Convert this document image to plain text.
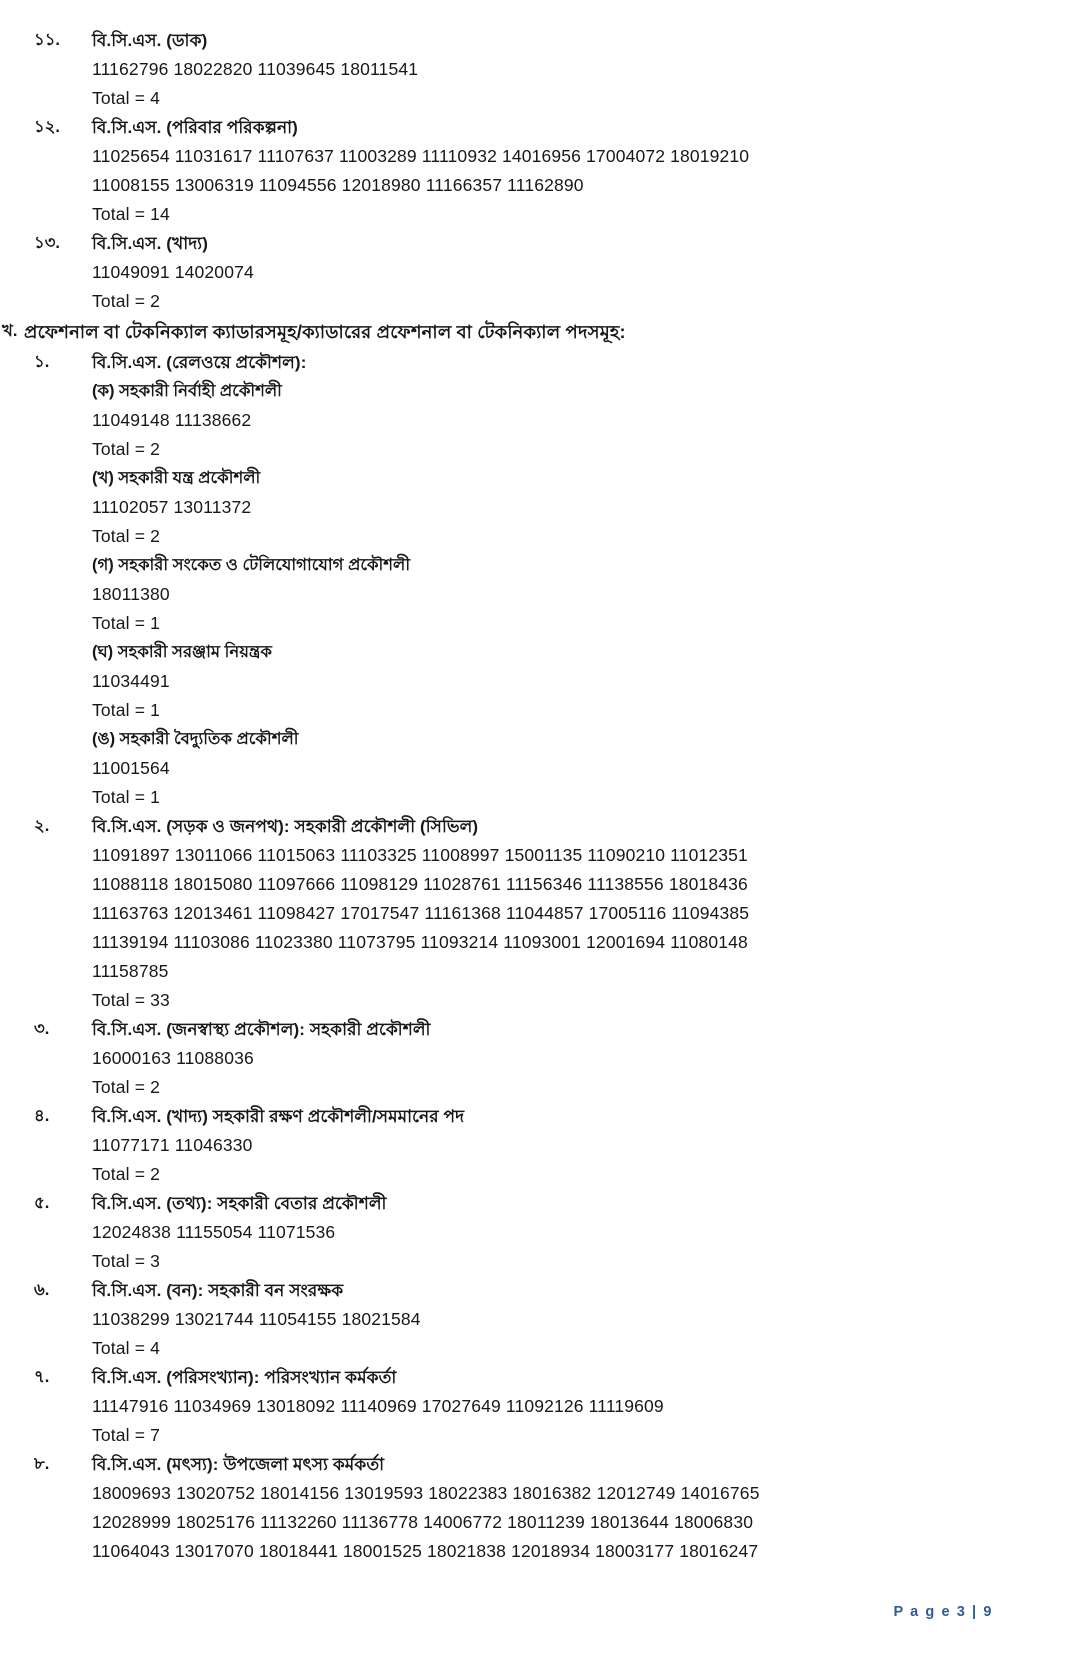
১১.	বি.সি.এস. (ডাক)
11162796 18022820 11039645 18011541
Total = 4
১২.	বি.সি.এস. (পরিবার পরিকল্পনা)
11025654 11031617 11107637 11003289 11110932 14016956 17004072 18019210
11008155 13006319 11094556 12018980 11166357 11162890
Total = 14
১৩.	বি.সি.এস. (খাদ্য)
11049091 14020074
Total = 2
খ. প্রফেশনাল বা টেকনিক্যাল ক্যাডারসমূহ/ক্যাডারের প্রফেশনাল বা টেকনিক্যাল পদসমূহ:
১.	বি.সি.এস. (রেলওয়ে প্রকৌশল):
(ক) সহকারী নির্বাহী প্রকৌশলী
11049148 11138662
Total = 2
(খ) সহকারী যন্ত্র প্রকৌশলী
11102057 13011372
Total = 2
(গ) সহকারী সংকেত ও টেলিযোগাযোগ প্রকৌশলী
18011380
Total = 1
(ঘ) সহকারী সরঞ্জাম নিয়ন্ত্রক
11034491
Total = 1
(ঙ) সহকারী বৈদ্যুতিক প্রকৌশলী
11001564
Total = 1
২.	বি.সি.এস. (সড়ক ও জনপথ): সহকারী প্রকৌশলী (সিভিল)
11091897 13011066 11015063 11103325 11008997 15001135 11090210 11012351
11088118 18015080 11097666 11098129 11028761 11156346 11138556 18018436
11163763 12013461 11098427 17017547 11161368 11044857 17005116 11094385
11139194 11103086 11023380 11073795 11093214 11093001 12001694 11080148
11158785
Total = 33
৩.	বি.সি.এস. (জনস্বাস্থ্য প্রকৌশল): সহকারী প্রকৌশলী
16000163 11088036
Total = 2
৪.	বি.সি.এস. (খাদ্য) সহকারী রক্ষণ প্রকৌশলী/সমমানের পদ
11077171 11046330
Total = 2
৫.	বি.সি.এস. (তথ্য): সহকারী বেতার প্রকৌশলী
12024838 11155054 11071536
Total = 3
৬.	বি.সি.এস. (বন): সহকারী বন সংরক্ষক
11038299 13021744 11054155 18021584
Total = 4
৭.	বি.সি.এস. (পরিসংখ্যান): পরিসংখ্যান কর্মকর্তা
11147916 11034969 13018092 11140969 17027649 11092126 11119609
Total = 7
৮.	বি.সি.এস. (মৎস্য): উপজেলা মৎস্য কর্মকর্তা
18009693 13020752 18014156 13019593 18022383 18016382 12012749 14016765
12028999 18025176 11132260 11136778 14006772 18011239 18013644 18006830
11064043 13017070 18018441 18001525 18021838 12018934 18003177 18016247
P a g e 3 | 9
